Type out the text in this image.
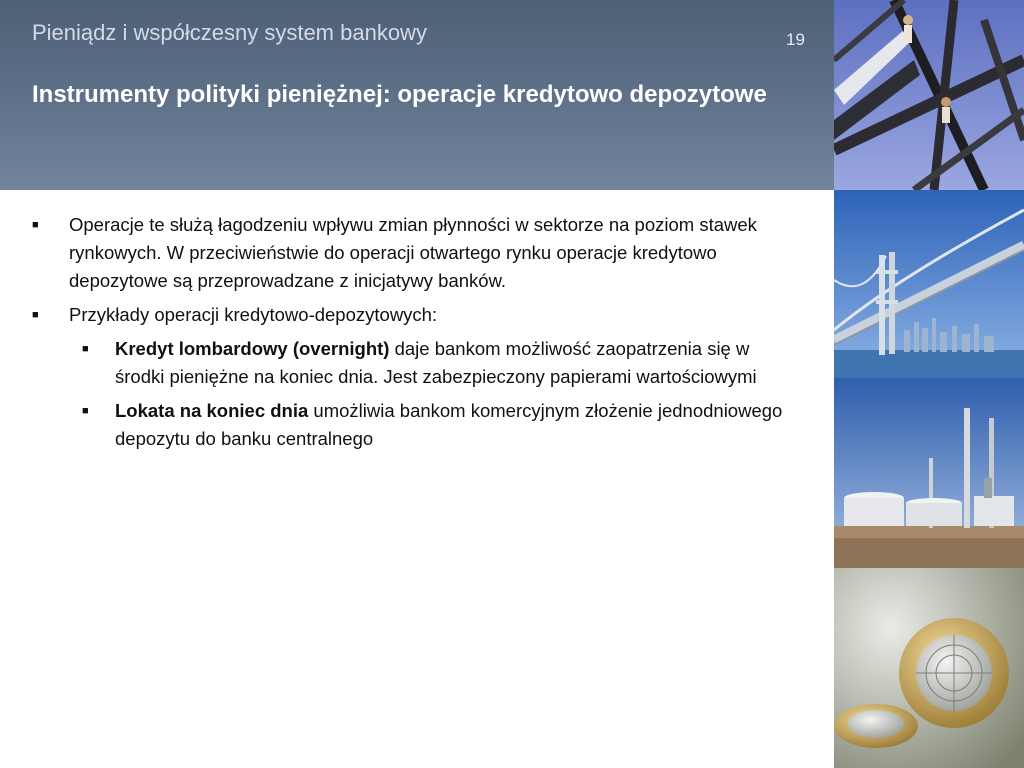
Pieniądz i współczesny system bankowy	19
Instrumenty polityki pieniężnej: operacje kredytowo depozytowe
■ Operacje te służą łagodzeniu wpływu zmian płynności w sektorze na poziom stawek rynkowych. W przeciwieństwie do operacji otwartego rynku operacje kredytowo depozytowe są przeprowadzane z inicjatywy banków.
■ Przykłady operacji kredytowo-depozytowych:
■ Kredyt lombardowy (overnight) daje bankom możliwość zaopatrzenia się w środki pieniężne na koniec dnia. Jest zabezpieczony papierami wartościowymi
■ Lokata na koniec dnia umożliwia bankom komercyjnym złożenie jednodniowego depozytu do banku centralnego
